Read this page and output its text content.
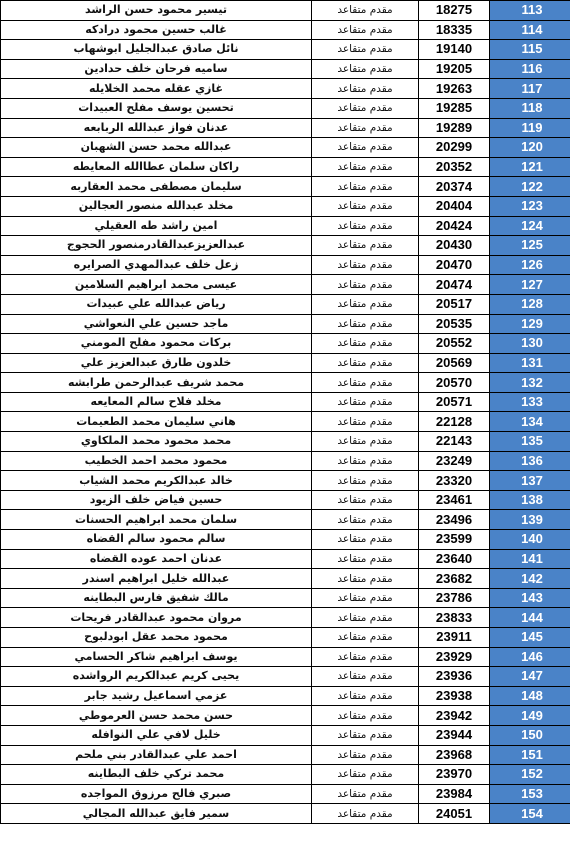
تيسير محمود حسن الراشد	مقدم متقاعد	18275	113
غالب حسين محمود درادكه	مقدم متقاعد	18335	114
نائل صادق عبدالجليل ابوشهاب	مقدم متقاعد	19140	115
ساميه فرحان خلف حدادين	مقدم متقاعد	19205	116
غازي عقله محمد الخلايله	مقدم متقاعد	19263	117
تحسين يوسف مفلح العبيدات	مقدم متقاعد	19285	118
عدنان فواز عبدالله الربابعه	مقدم متقاعد	19289	119
عبدالله محمد حسن الشهبان	مقدم متقاعد	20299	120
راكان سلمان عطاالله المعايطه	مقدم متقاعد	20352	121
سليمان مصطفى محمد العقاربه	مقدم متقاعد	20374	122
مخلد عبدالله منصور العجالين	مقدم متقاعد	20404	123
امين راشد طه العقيلي	مقدم متقاعد	20424	124
عبدالعزيزعبدالقادرمنصور الحجوج	مقدم متقاعد	20430	125
زعل خلف عبدالمهدي الصرايره	مقدم متقاعد	20470	126
عيسى محمد ابراهيم السلامين	مقدم متقاعد	20474	127
رياض عبدالله علي عبيدات	مقدم متقاعد	20517	128
ماجد حسين علي النعواشي	مقدم متقاعد	20535	129
بركات محمود مفلح المومني	مقدم متقاعد	20552	130
خلدون طارق عبدالعزيز علي	مقدم متقاعد	20569	131
محمد شريف عبدالرحمن طرابشه	مقدم متقاعد	20570	132
مخلد فلاح سالم المعايعه	مقدم متقاعد	20571	133
هاني سليمان محمد الطعيمات	مقدم متقاعد	22128	134
محمد محمود محمد الملكاوي	مقدم متقاعد	22143	135
محمود محمد احمد الخطيب	مقدم متقاعد	23249	136
خالد عبدالكريم محمد الشياب	مقدم متقاعد	23320	137
حسين فياض خلف الزيود	مقدم متقاعد	23461	138
سلمان محمد ابراهيم الحسنات	مقدم متقاعد	23496	139
سالم محمود سالم القضاه	مقدم متقاعد	23599	140
عدنان احمد عوده القضاه	مقدم متقاعد	23640	141
عبدالله خليل ابراهيم اسندر	مقدم متقاعد	23682	142
مالك شفيق فارس البطاينه	مقدم متقاعد	23786	143
مروان محمود عبدالقادر فريحات	مقدم متقاعد	23833	144
محمود محمد عقل ابودلبوح	مقدم متقاعد	23911	145
يوسف ابراهيم شاكر الحسامي	مقدم متقاعد	23929	146
يحيى كريم عبدالكريم الرواشده	مقدم متقاعد	23936	147
عزمي اسماعيل رشيد جابر	مقدم متقاعد	23938	148
حسن محمد حسن العرموطي	مقدم متقاعد	23942	149
خليل لافي علي النوافله	مقدم متقاعد	23944	150
احمد علي عبدالقادر بني ملحم	مقدم متقاعد	23968	151
محمد تركي خلف البطاينه	مقدم متقاعد	23970	152
صبري فالح مرزوق المواجده	مقدم متقاعد	23984	153
سمير فايق عبدالله المجالي	مقدم متقاعد	24051	154
